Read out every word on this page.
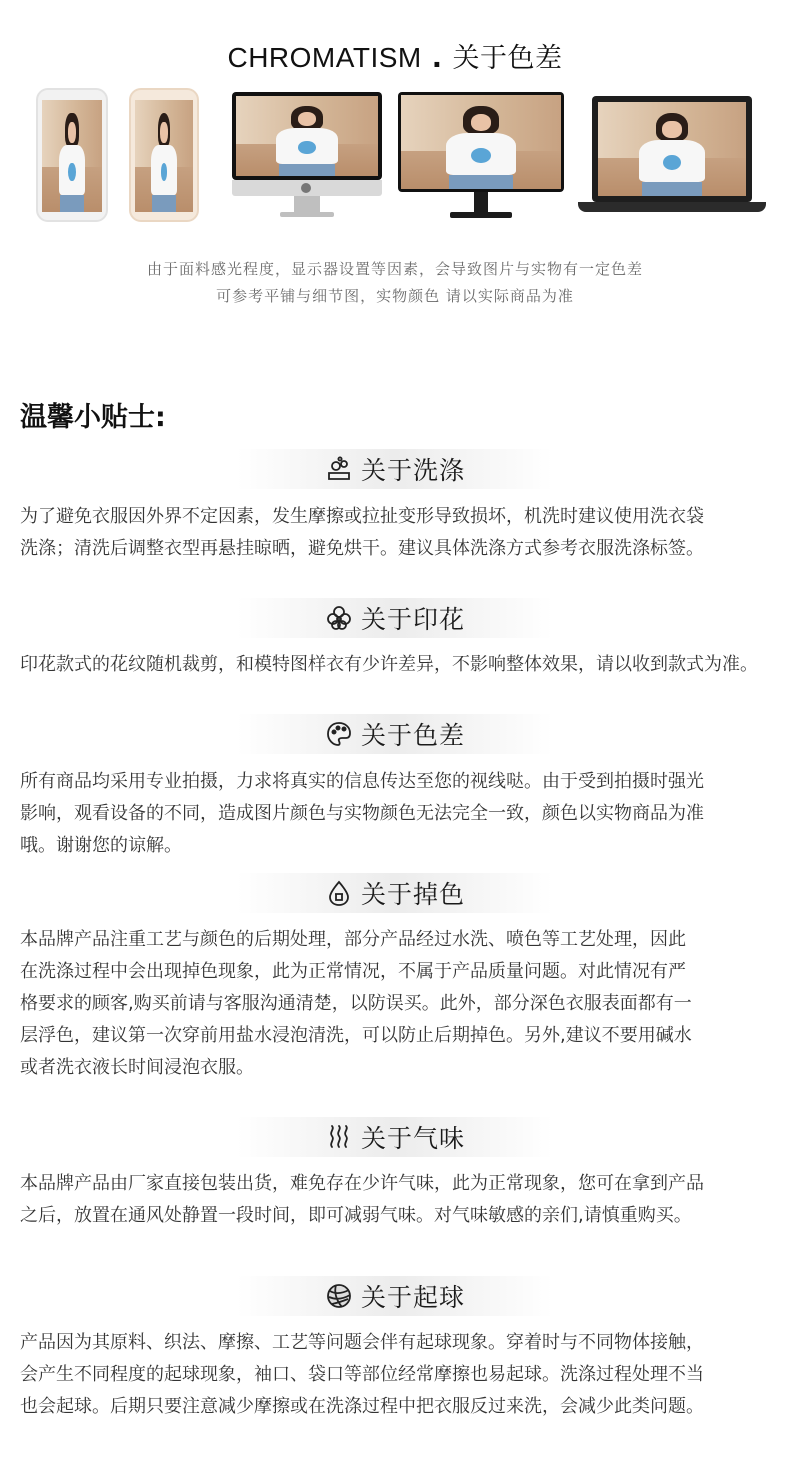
CHROMATISM . 关于色差
由于面料感光程度，显示器设置等因素，会导致图片与实物有一定色差
可参考平铺与细节图，实物颜色 请以实际商品为准
温馨小贴士:
关于洗涤
为了避免衣服因外界不定因素，发生摩擦或拉扯变形导致损坏，机洗时建议使用洗衣袋
洗涤；清洗后调整衣型再悬挂晾晒，避免烘干。建议具体洗涤方式参考衣服洗涤标签。
关于印花
印花款式的花纹随机裁剪，和模特图样衣有少许差异，不影响整体效果，请以收到款式为准。
关于色差
所有商品均采用专业拍摄，力求将真实的信息传达至您的视线哒。由于受到拍摄时强光
影响，观看设备的不同，造成图片颜色与实物颜色无法完全一致，颜色以实物商品为准
哦。谢谢您的谅解。
关于掉色
本品牌产品注重工艺与颜色的后期处理，部分产品经过水洗、喷色等工艺处理，因此
在洗涤过程中会出现掉色现象，此为正常情况，不属于产品质量问题。对此情况有严
格要求的顾客,购买前请与客服沟通清楚，以防误买。此外，部分深色衣服表面都有一
层浮色，建议第一次穿前用盐水浸泡清洗，可以防止后期掉色。另外,建议不要用碱水
或者洗衣液长时间浸泡衣服。
关于气味
本品牌产品由厂家直接包装出货，难免存在少许气味，此为正常现象，您可在拿到产品
之后，放置在通风处静置一段时间，即可减弱气味。对气味敏感的亲们,请慎重购买。
关于起球
产品因为其原料、织法、摩擦、工艺等问题会伴有起球现象。穿着时与不同物体接触，
会产生不同程度的起球现象，袖口、袋口等部位经常摩擦也易起球。洗涤过程处理不当
也会起球。后期只要注意减少摩擦或在洗涤过程中把衣服反过来洗，会减少此类问题。
